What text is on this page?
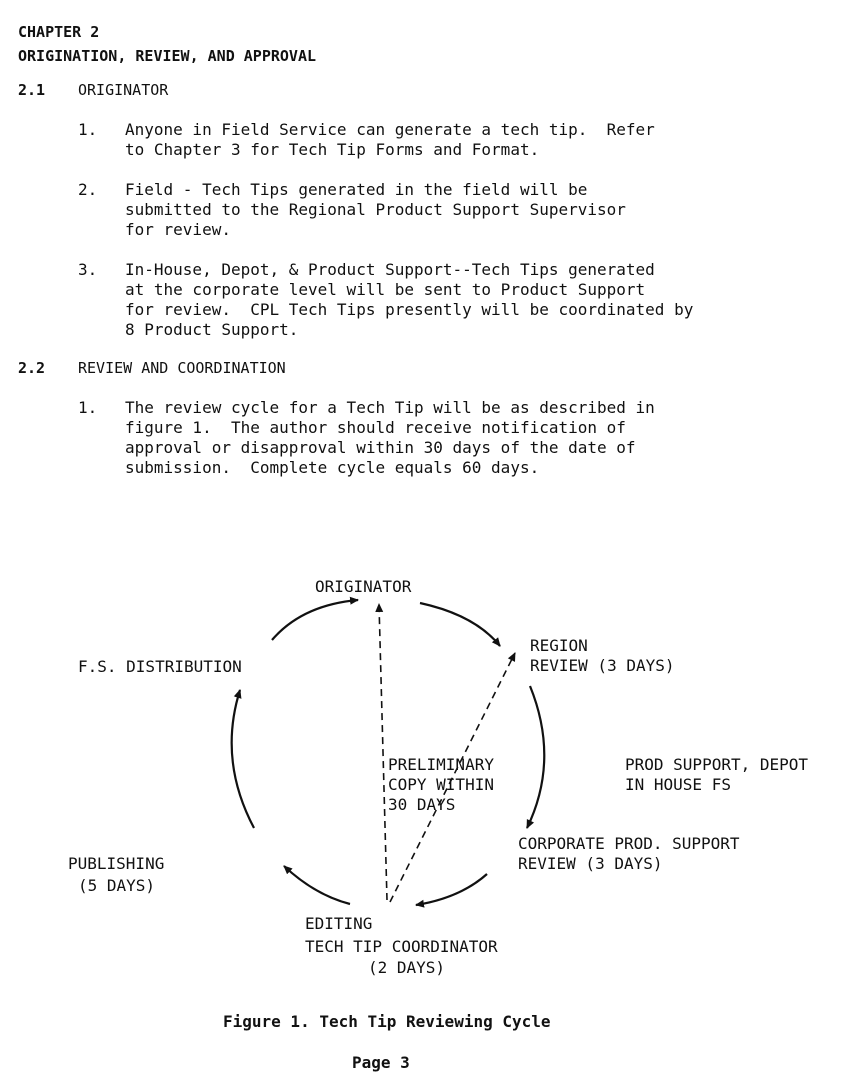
CHAPTER 2
ORIGINATION, REVIEW, AND APPROVAL
2.1 ORIGINATOR
1. Anyone in Field Service can generate a tech tip.  Refer
to Chapter 3 for Tech Tip Forms and Format.
2. Field - Tech Tips generated in the field will be
submitted to the Regional Product Support Supervisor
for review.
3. In-House, Depot, & Product Support--Tech Tips generated
at the corporate level will be sent to Product Support
for review.  CPL Tech Tips presently will be coordinated by
8 Product Support.
2.2 REVIEW AND COORDINATION
1. The review cycle for a Tech Tip will be as described in
figure 1.  The author should receive notification of
approval or disapproval within 30 days of the date of
submission.  Complete cycle equals 60 days.
ORIGINATOR
REGION
REVIEW (3 DAYS)
F.S. DISTRIBUTION
PRELIMINARY
COPY WITHIN
30 DAYS
PROD SUPPORT, DEPOT
IN HOUSE FS
CORPORATE PROD. SUPPORT
REVIEW (3 DAYS)
PUBLISHING
(5 DAYS)
EDITING
TECH TIP COORDINATOR
(2 DAYS)
Figure 1. Tech Tip Reviewing Cycle
Page 3
